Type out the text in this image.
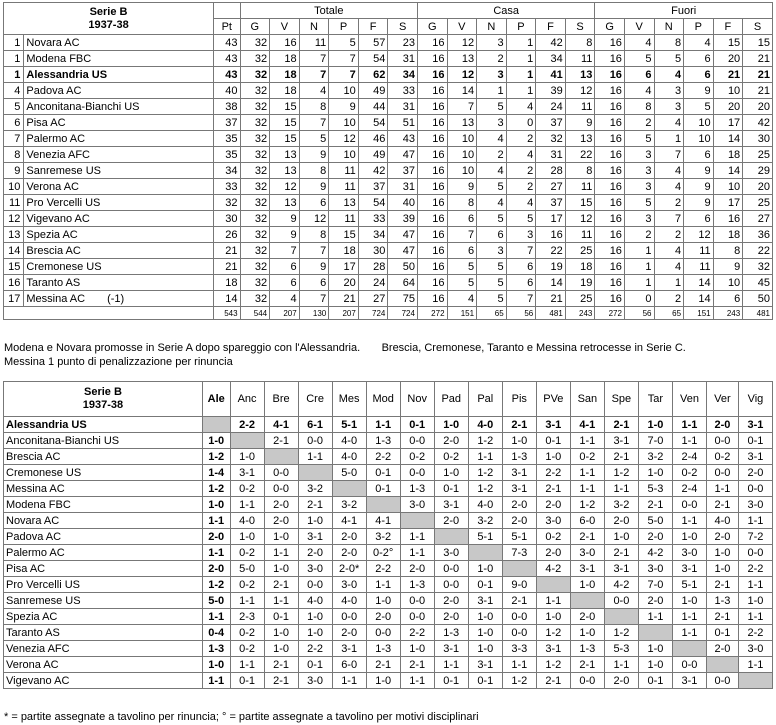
Serie B
1937-38			Totale						Casa						Fuori					
		Pt	G	V	N	P	F	S	G	V	N	P	F	S	G	V	N	P	F	S
1	Novara AC	43	32	16	11	5	57	23	16	12	3	1	42	8	16	4	8	4	15	15
1	Modena FBC	43	32	18	7	7	54	31	16	13	2	1	34	11	16	5	5	6	20	21
1	Alessandria US	43	32	18	7	7	62	34	16	12	3	1	41	13	16	6	4	6	21	21
4	Padova AC	40	32	18	4	10	49	33	16	14	1	1	39	12	16	4	3	9	10	21
5	Anconitana-Bianchi US	38	32	15	8	9	44	31	16	7	5	4	24	11	16	8	3	5	20	20
6	Pisa AC	37	32	15	7	10	54	51	16	13	3	0	37	9	16	2	4	10	17	42
7	Palermo AC	35	32	15	5	12	46	43	16	10	4	2	32	13	16	5	1	10	14	30
8	Venezia AFC	35	32	13	9	10	49	47	16	10	2	4	31	22	16	3	7	6	18	25
9	Sanremese US	34	32	13	8	11	42	37	16	10	4	2	28	8	16	3	4	9	14	29
10	Verona AC	33	32	12	9	11	37	31	16	9	5	2	27	11	16	3	4	9	10	20
11	Pro Vercelli US	32	32	13	6	13	54	40	16	8	4	4	37	15	16	5	2	9	17	25
12	Vigevano AC	30	32	9	12	11	33	39	16	6	5	5	17	12	16	3	7	6	16	27
13	Spezia AC	26	32	9	8	15	34	47	16	7	6	3	16	11	16	2	2	12	18	36
14	Brescia AC	21	32	7	7	18	30	47	16	6	3	7	22	25	16	1	4	11	8	22
15	Cremonese US	21	32	6	9	17	28	50	16	5	5	6	19	18	16	1	4	11	9	32
16	Taranto AS	18	32	6	6	20	24	64	16	5	5	6	14	19	16	1	1	14	10	45
17	Messina AC (-1)	14	32	4	7	21	27	75	16	4	5	7	21	25	16	0	2	14	6	50
		543	544	207	130	207	724	724	272	151	65	56	481	243	272	56	65	151	243	481
Modena e Novara promosse in Serie A dopo spareggio con l'Alessandria. Brescia, Cremonese, Taranto e Messina retrocesse in Serie C.
Messina 1 punto di penalizzazione per rinuncia
Serie B
1937-38	Ale	Anc	Bre	Cre	Mes	Mod	Nov	Pad	Pal	Pis	PVe	San	Spe	Tar	Ven	Ver	Vig
Alessandria US		2-2	4-1	6-1	5-1	1-1	0-1	1-0	4-0	2-1	3-1	4-1	2-1	1-0	1-1	2-0	3-1
Anconitana-Bianchi US	1-0		2-1	0-0	4-0	1-3	0-0	2-0	1-2	1-0	0-1	1-1	3-1	7-0	1-1	0-0	0-1
Brescia AC	1-2	1-0		1-1	4-0	2-2	0-2	0-2	1-1	1-3	1-0	0-2	2-1	3-2	2-4	0-2	3-1
Cremonese US	1-4	3-1	0-0		5-0	0-1	0-0	1-0	1-2	3-1	2-2	1-1	1-2	1-0	0-2	0-0	2-0
Messina AC	1-2	0-2	0-0	3-2		0-1	1-3	0-1	1-2	3-1	2-1	1-1	1-1	5-3	2-4	1-1	0-0
Modena FBC	1-0	1-1	2-0	2-1	3-2		3-0	3-1	4-0	2-0	2-0	1-2	3-2	2-1	0-0	2-1	3-0
Novara AC	1-1	4-0	2-0	1-0	4-1	4-1		2-0	3-2	2-0	3-0	6-0	2-0	5-0	1-1	4-0	1-1
Padova AC	2-0	1-0	1-0	3-1	2-0	3-2	1-1		5-1	5-1	0-2	2-1	1-0	2-0	1-0	2-0	7-2
Palermo AC	1-1	0-2	1-1	2-0	2-0	0-2°	1-1	3-0		7-3	2-0	3-0	2-1	4-2	3-0	1-0	0-0
Pisa AC	2-0	5-0	1-0	3-0	2-0*	2-2	2-0	0-0	1-0		4-2	3-1	3-1	3-0	3-1	1-0	2-2
Pro Vercelli US	1-2	0-2	2-1	0-0	3-0	1-1	1-3	0-0	0-1	9-0		1-0	4-2	7-0	5-1	2-1	1-1
Sanremese US	5-0	1-1	1-1	4-0	4-0	1-0	0-0	2-0	3-1	2-1	1-1		0-0	2-0	1-0	1-3	1-0
Spezia AC	1-1	2-3	0-1	1-0	0-0	2-0	0-0	2-0	1-0	0-0	1-0	2-0		1-1	1-1	2-1	1-1
Taranto AS	0-4	0-2	1-0	1-0	2-0	0-0	2-2	1-3	1-0	0-0	1-2	1-0	1-2		1-1	0-1	2-2
Venezia AFC	1-3	0-2	1-0	2-2	3-1	1-3	1-0	3-1	1-0	3-3	3-1	1-3	5-3	1-0		2-0	3-0
Verona AC	1-0	1-1	2-1	0-1	6-0	2-1	2-1	1-1	3-1	1-1	1-2	2-1	1-1	1-0	0-0		1-1
Vigevano AC	1-1	0-1	2-1	3-0	1-1	1-0	1-1	0-1	0-1	1-2	2-1	0-0	2-0	0-1	3-1	0-0	
* = partite assegnate a tavolino per rinuncia; ° = partite assegnate a tavolino per motivi disciplinari
